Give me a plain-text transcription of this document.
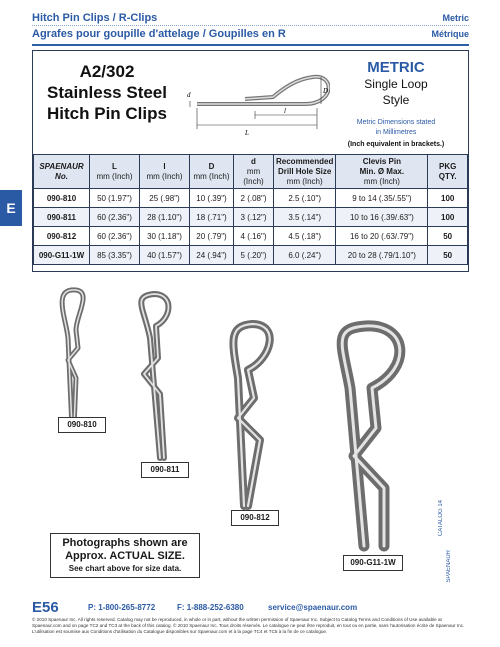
Hitch Pin Clips / R-Clips
Agrafes pour goupille d'attelage / Goupilles en R
Metric
Métrique
E
A2/302
Stainless Steel
Hitch Pin Clips
d	D
L
l
METRIC
Single Loop
Style
Metric Dimensions stated
in Millimetres
(Inch equivalent in brackets.)
SPAENAUR
No.	L
mm (Inch)	l
mm (Inch)	D
mm (Inch)	d
mm (Inch)	Recommended
Drill Hole Size
mm (Inch)	Clevis Pin
Min. Ø Max.
mm (Inch)	PKG
QTY.
090-810	50 (1.97")	25 (.98")	10 (.39")	2 (.08")	2.5 (.10")	9 to 14 (.35/.55")	100
090-811	60 (2.36")	28 (1.10")	18 (.71")	3 (.12")	3.5 (.14")	10 to 16 (.39/.63")	100
090-812	60 (2.36")	30 (1.18")	20 (.79")	4 (.16")	4.5 (.18")	16 to 20 (.63/.79")	50
090-G11-1W	85 (3.35")	40 (1.57")	24 (.94")	5 (.20")	6.0 (.24")	20 to 28 (.79/1.10")	50
090-810
090-811
090-812
090-G11-1W
Photographs shown are
Approx. ACTUAL SIZE.
See chart above for size data.
CATALOG 14
SPAENAUR
E56	P: 1-800-265-8772	F: 1-888-252-6380	service@spaenaur.com
© 2010 Spaenaur Inc. All rights reserved. Catalog may not be reproduced, in whole or in part, without the written permission of Spaenaur Inc. Subject to Catalog Terms and Conditions of Use available at Spaenaur.com and on page TC2 and TC3 at the back of this catalog. © 2010 Spaenaur Inc. Tous droits réservés. Le catalogue ne peut être reproduit, en tout ou en partie, sans l'autorisation écrite de Spaenaur Inc. L'utilisation est soumise aux Conditions d'utilisation du Catalogue disponibles sur Spaenaur.com et à la page TC4 et TC5 à la fin de ce catalogue.
